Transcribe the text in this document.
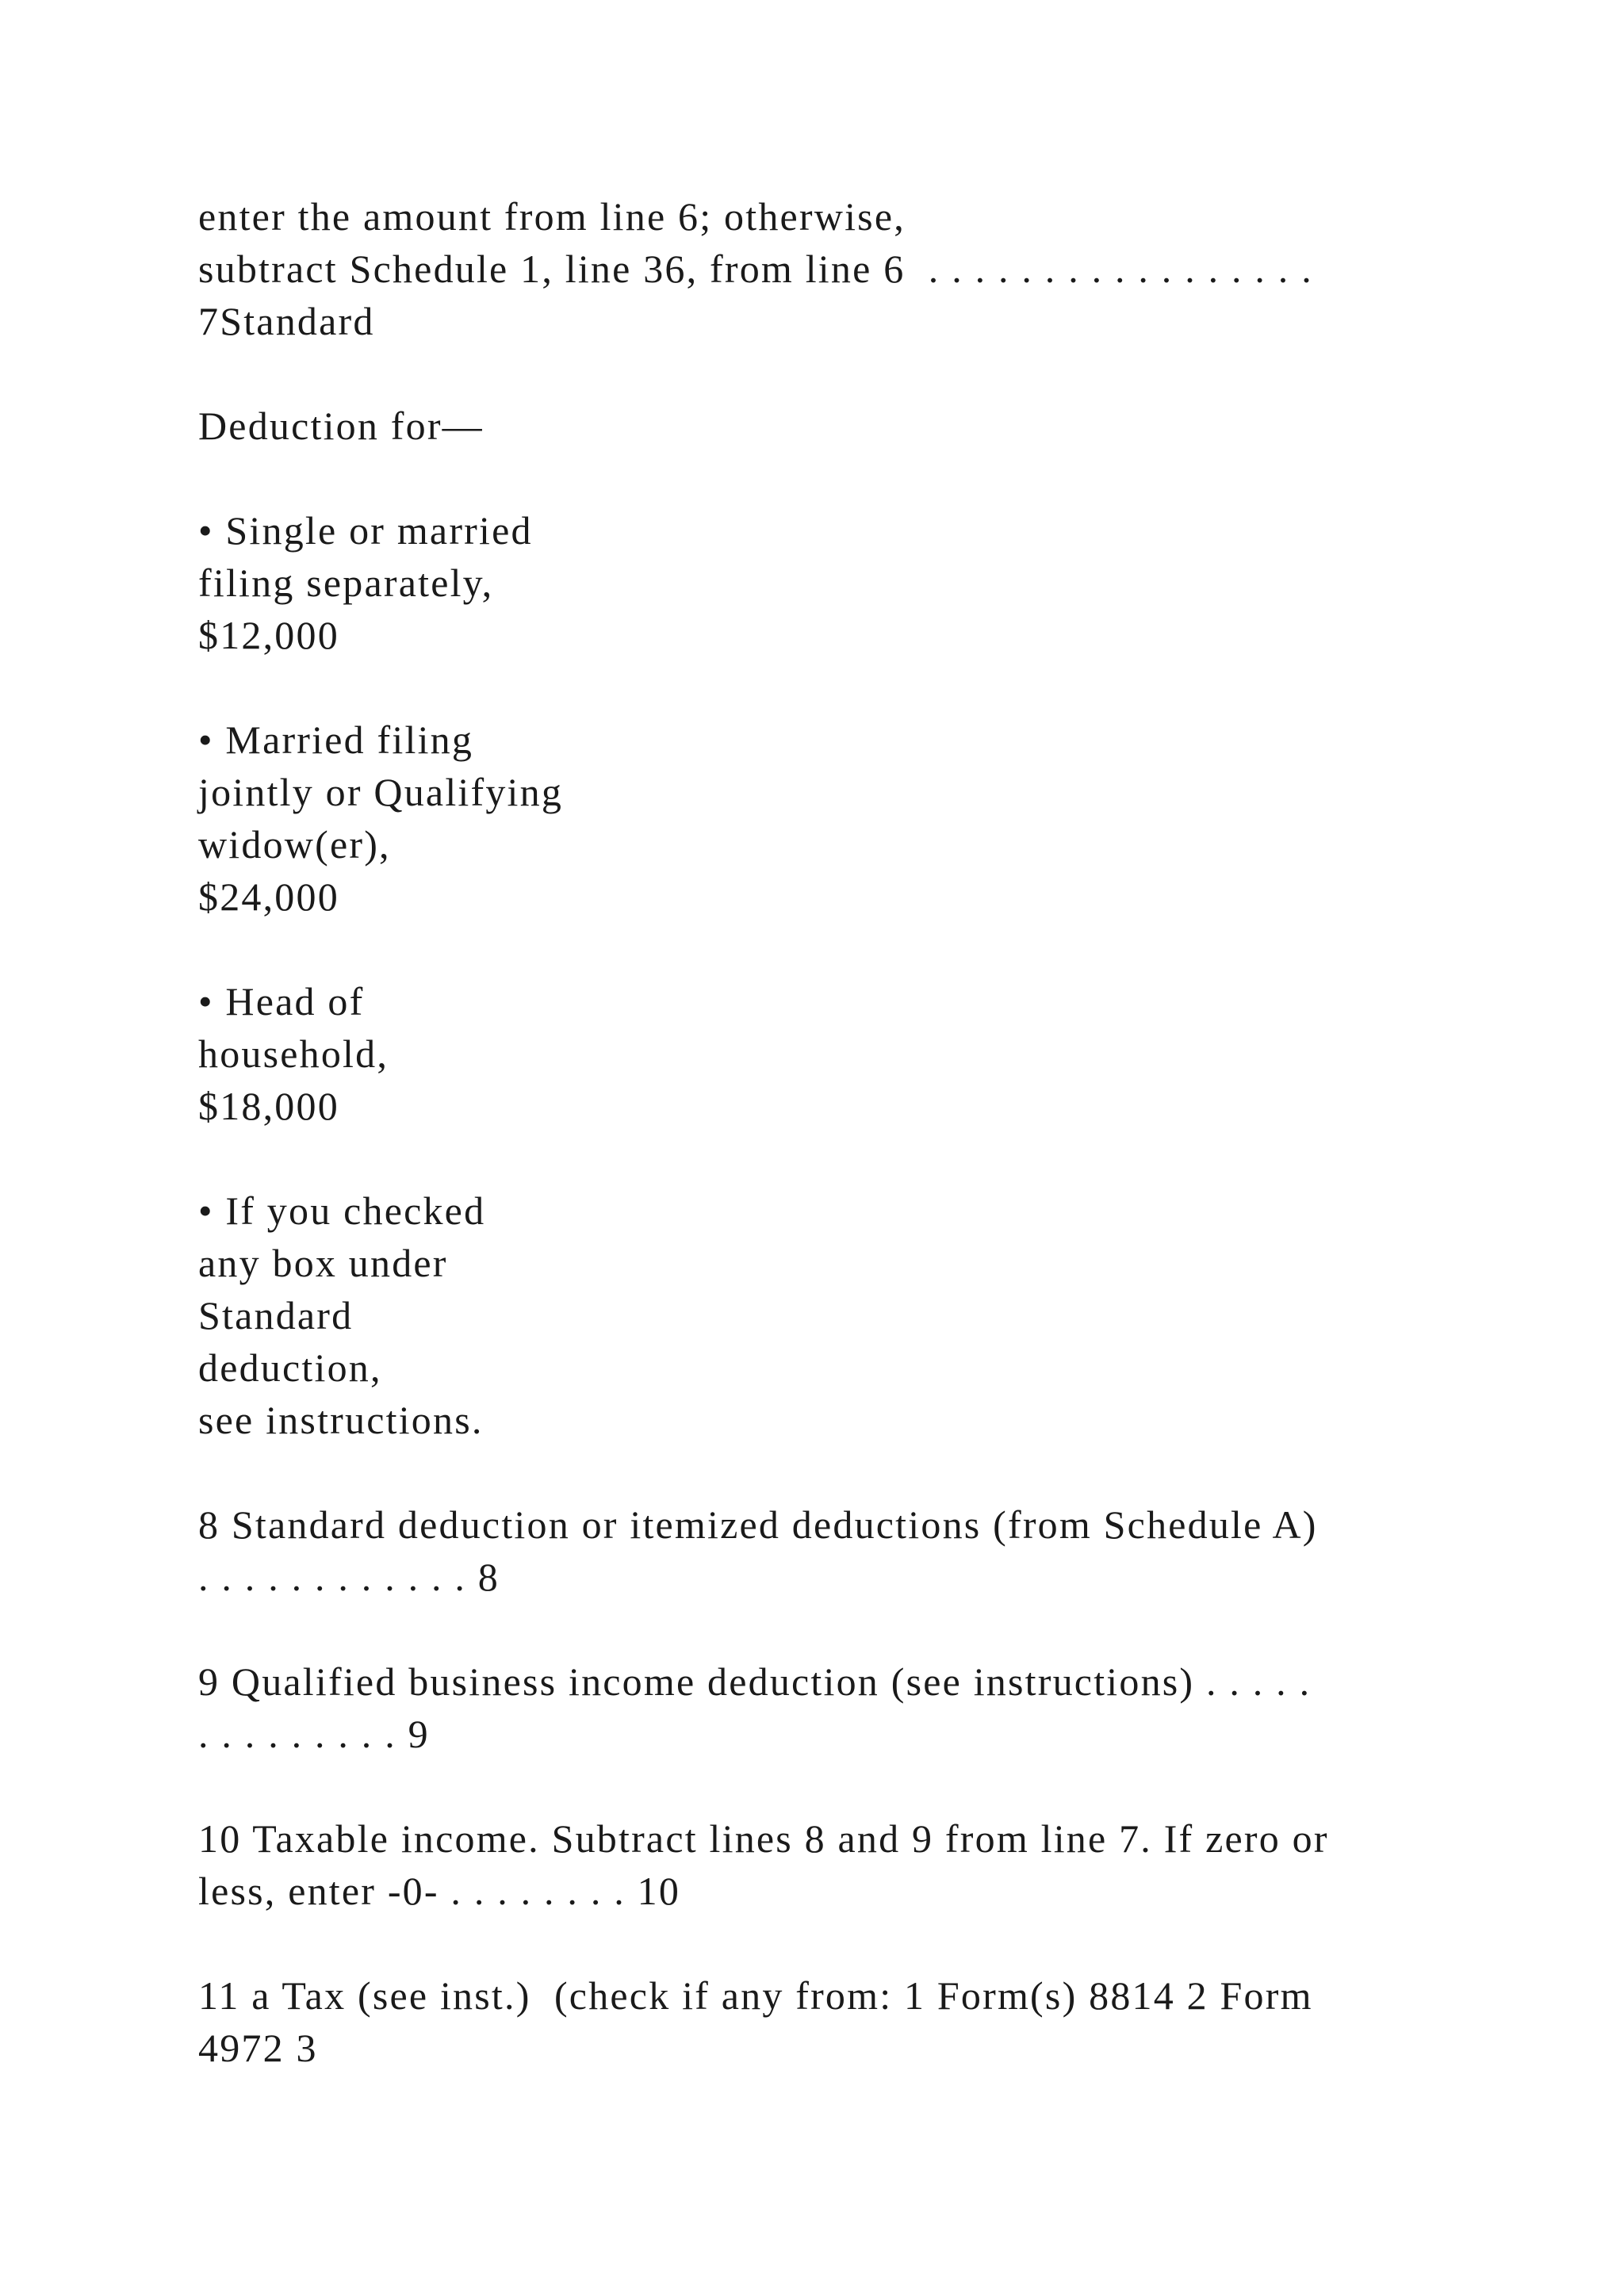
enter the amount from line 6; otherwise,
subtract Schedule 1, line 36, from line 6  . . . . . . . . . . . . . . . . .
7Standard
Deduction for—
• Single or married
filing separately,
$12,000
• Married filing
jointly or Qualifying
widow(er),
$24,000
• Head of
household,
$18,000
• If you checked
any box under
Standard
deduction,
see instructions.
8 Standard deduction or itemized deductions (from Schedule A)
. . . . . . . . . . . . 8
9 Qualified business income deduction (see instructions) . . . . .
. . . . . . . . . 9
10 Taxable income. Subtract lines 8 and 9 from line 7. If zero or
less, enter -0- . . . . . . . . 10
11 a Tax (see inst.)  (check if any from: 1 Form(s) 8814 2 Form
4972 3
